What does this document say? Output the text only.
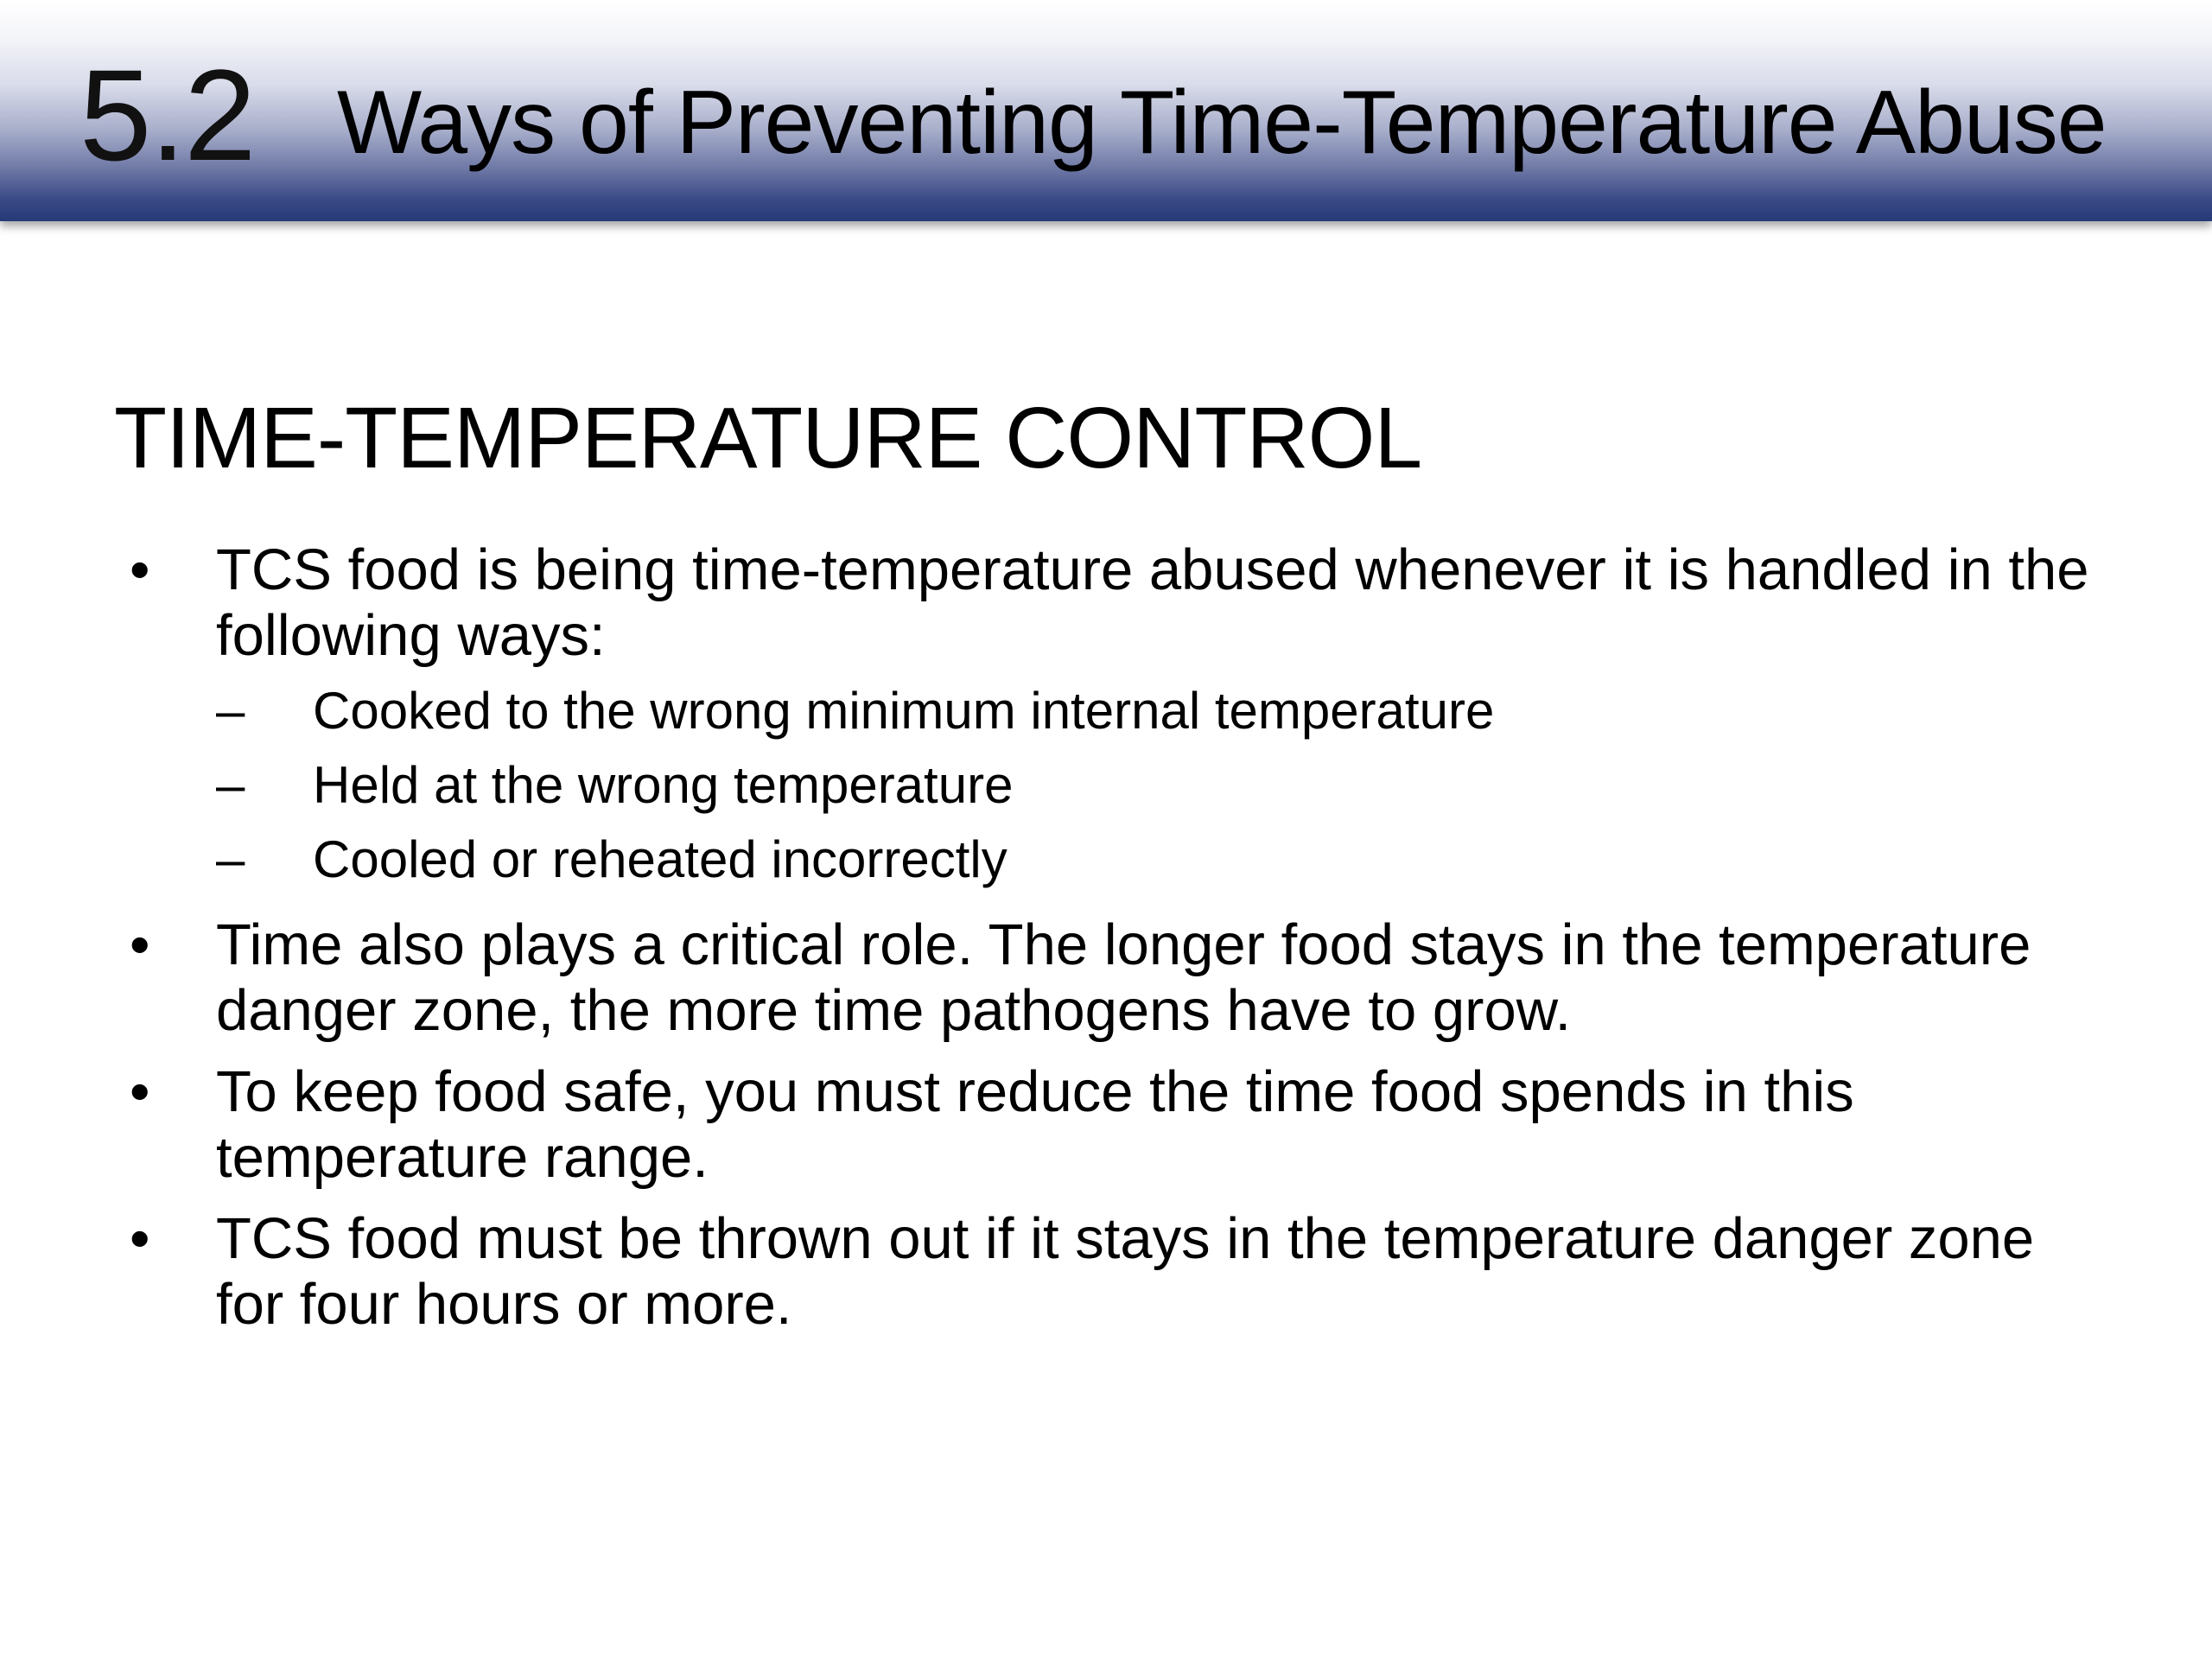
5.2 Ways of Preventing Time-Temperature Abuse
TIME-TEMPERATURE CONTROL
• TCS food is being time-temperature abused whenever it is handled in the following ways:
– Cooked to the wrong minimum internal temperature
– Held at the wrong temperature
– Cooled or reheated incorrectly
• Time also plays a critical role. The longer food stays in the temperature danger zone, the more time pathogens have to grow.
• To keep food safe, you must reduce the time food spends in this temperature range.
• TCS food must be thrown out if it stays in the temperature danger zone for four hours or more.
